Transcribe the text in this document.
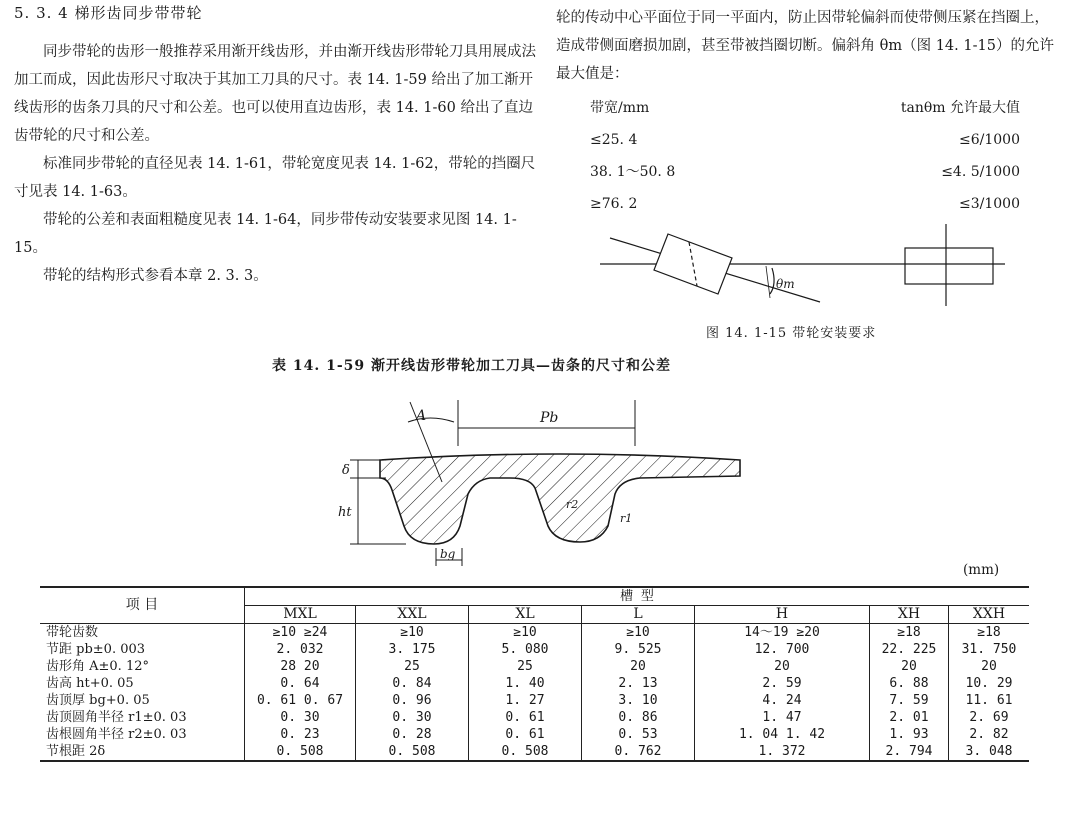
5. 3. 4 梯形齿同步带带轮

同步带轮的齿形一般推荐采用渐开线齿形，并由渐开线齿形带轮刀具用展成法加工而成，因此齿形尺寸取决于其加工刀具的尺寸。表 14. 1-59 给出了加工渐开线齿形的齿条刀具的尺寸和公差。也可以使用直边齿形，表 14. 1-60 给出了直边齿带轮的尺寸和公差。

标准同步带轮的直径见表 14. 1-61，带轮宽度见表 14. 1-62，带轮的挡圈尺寸见表 14. 1-63。

带轮的公差和表面粗糙度见表 14. 1-64，同步带传动安装要求见图 14. 1-15。

带轮的结构形式参看本章 2. 3. 3。

轮的传动中心平面位于同一平面内，防止因带轮偏斜而使带侧压紧在挡圈上，造成带侧面磨损加剧，甚至带被挡圈切断。偏斜角 θm（图 14. 1-15）的允许最大值是：

带宽/mm	tanθm 允许最大值
≤25. 4	≤6/1000
38. 1～50. 8	≤4. 5/1000
≥76. 2	≤3/1000
θm
图 14. 1-15 带轮安装要求
表 14. 1-59 渐开线齿形带轮加工刀具—齿条的尺寸和公差
A	Pb
δ
ht
bg
r2
r1
(mm)
项 目	槽 型						
	MXL	XXL	XL	L	H	XH	XXH
带轮齿数	≥10 ≥24	≥10	≥10	≥10	14～19 ≥20	≥18	≥18
节距 pb±0. 003	2. 032	3. 175	5. 080	9. 525	12. 700	22. 225	31. 750
齿形角 A±0. 12°	28 20	25	25	20	20	20	20
齿高 ht+0. 05	0. 64	0. 84	1. 40	2. 13	2. 59	6. 88	10. 29
齿顶厚 bg+0. 05	0. 61 0. 67	0. 96	1. 27	3. 10	4. 24	7. 59	11. 61
齿顶圆角半径 r1±0. 03	0. 30	0. 30	0. 61	0. 86	1. 47	2. 01	2. 69
齿根圆角半径 r2±0. 03	0. 23	0. 28	0. 61	0. 53	1. 04 1. 42	1. 93	2. 82
节根距 2δ	0. 508	0. 508	0. 508	0. 762	1. 372	2. 794	3. 048
